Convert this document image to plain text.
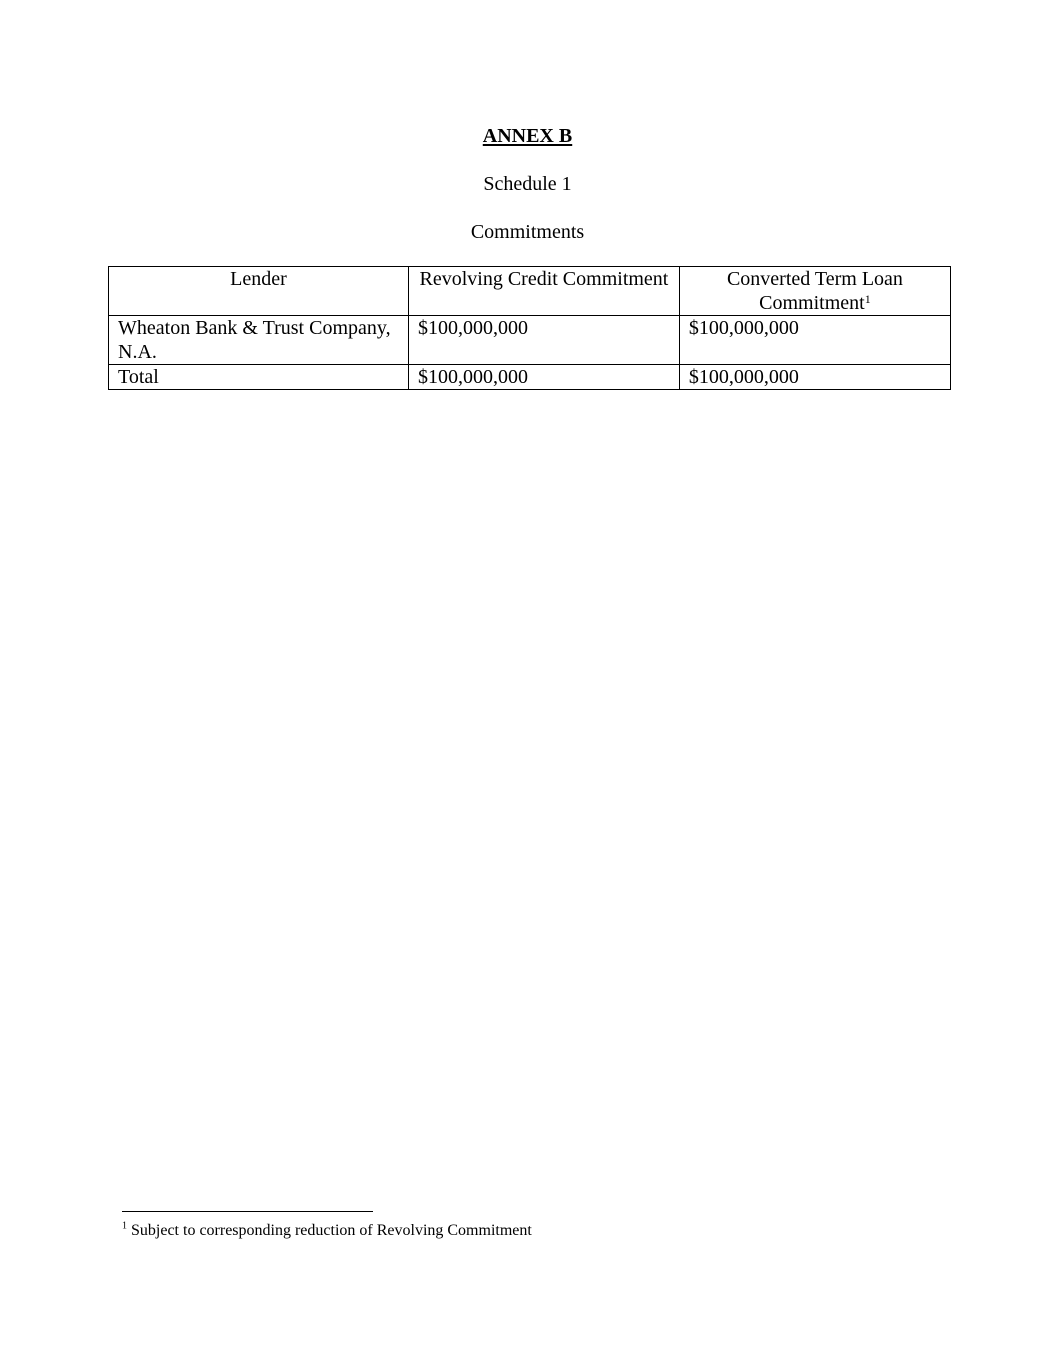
ANNEX B
Schedule 1
Commitments
Lender	Revolving Credit Commitment	Converted Term Loan Commitment$^1$
Wheaton Bank & Trust Company, N.A.	$100,000,000	$100,000,000
Total	$100,000,000	$100,000,000
$^1$ Subject to corresponding reduction of Revolving Commitment
